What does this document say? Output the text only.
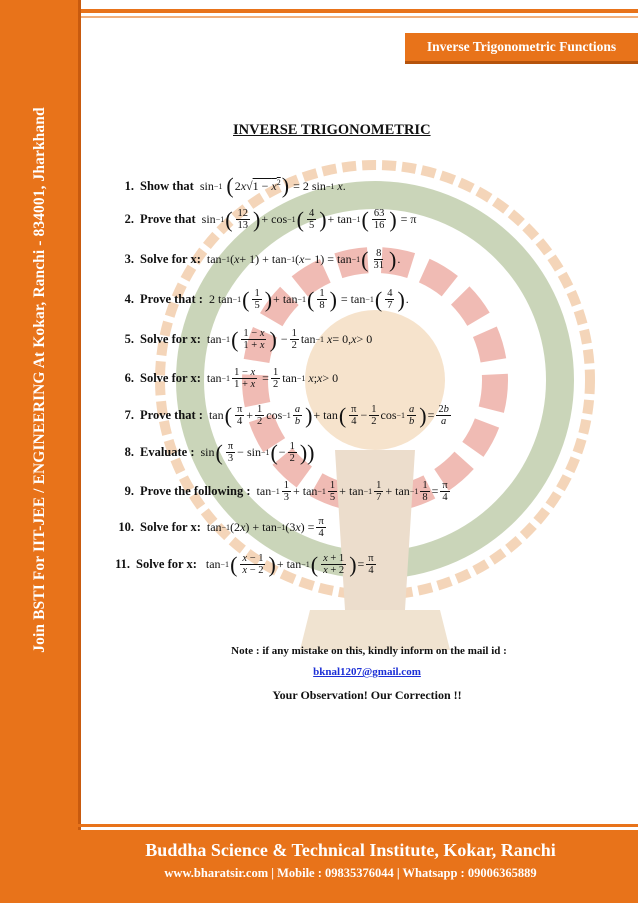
Inverse Trigonometric Functions
Join BSTI For IIT-JEE / ENGINEERING At Kokar, Ranchi - 834001, Jharkhand	INVERSE TRIGONOMETRIC
1. Show that sin −1
( 2 x √ $1 - x^2$ ) = 2 sin −1
x .
2. Prove that sin −1 ( 12
13 ) + cos −1 ( 4
5 ) + tan −1 ( 63
16 ) = π
3. Solve for x: tan −1 ( x + 1) + tan −1 ( x − 1) = tan −1 ( 8
31 ) .
4. Prove that : 2 tan −1 ( 1
5 ) + tan −1 ( 1
8 ) = tan −1 ( 4
7 ) .
5. Solve for x: tan −1 ( 1 − x
1 + x ) − 1
2 tan −1
x = 0, x > 0
6. Solve for x: tan −1
1 − x
1 + x = 1
2 tan −1
x ; x > 0
7. Prove that : tan ( π
4 + 1
2 cos −1
a
b ) + tan ( π
4 − 1
2 cos −1
a
b ) = 2b
a
8. Evaluate : sin ( π
3 − sin −1 ( − 1
2 ))
9. Prove the following : tan −1
1
3 + tan −1
1
5 + tan −1
1
7 + tan −1
1
8 = π
4
10. Solve for x: tan −1 (2 x ) + tan −1 (3 x ) = π
4
11. Solve for x: tan −1 ( x − 1
x − 2 ) + tan −1 ( x + 1
x + 2 ) = π
4
Note : if any mistake on this, kindly inform on the mail id :
bknal1207@gmail.com
Your Observation! Our Correction !!
Buddha Science & Technical Institute, Kokar, Ranchi
www.bharatsir.com | Mobile : 09835376044 | Whatsapp : 09006365889
